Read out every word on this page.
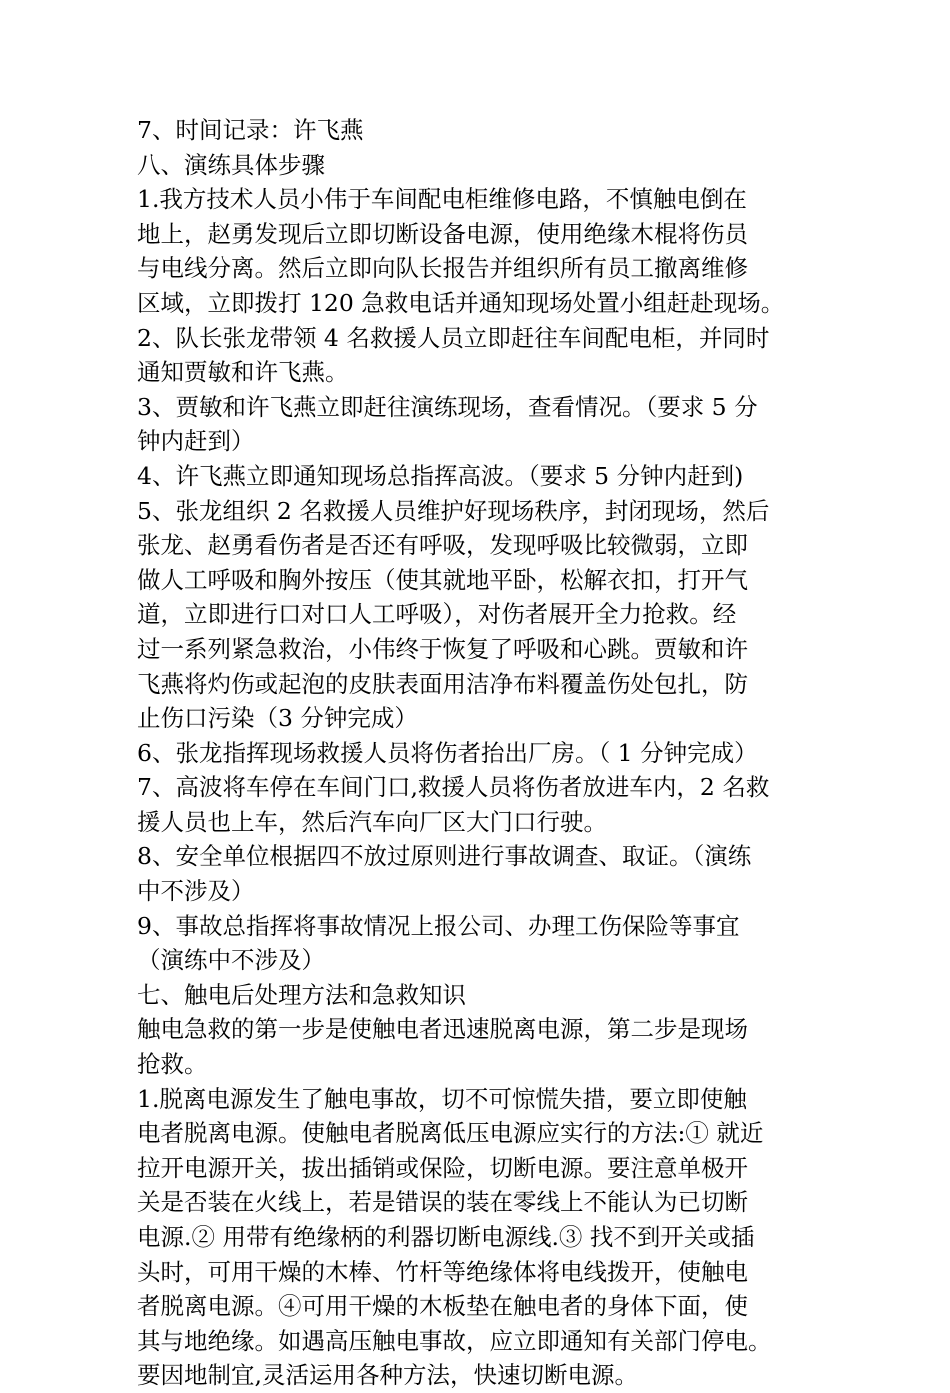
7、时间记录：许飞燕
八、演练具体步骤
1.我方技术人员小伟于车间配电柜维修电路，不慎触电倒在
地上，赵勇发现后立即切断设备电源，使用绝缘木棍将伤员
与电线分离。然后立即向队长报告并组织所有员工撤离维修
区域，立即拨打 120 急救电话并通知现场处置小组赶赴现场。
2、队长张龙带领 4 名救援人员立即赶往车间配电柜，并同时
通知贾敏和许飞燕。
3、贾敏和许飞燕立即赶往演练现场，查看情况。（要求 5 分
钟内赶到）
4、许飞燕立即通知现场总指挥高波。（要求 5 分钟内赶到)
5、张龙组织 2 名救援人员维护好现场秩序，封闭现场，然后
张龙、赵勇看伤者是否还有呼吸，发现呼吸比较微弱，立即
做人工呼吸和胸外按压（使其就地平卧，松解衣扣，打开气
道，立即进行口对口人工呼吸），对伤者展开全力抢救。经
过一系列紧急救治，小伟终于恢复了呼吸和心跳。贾敏和许
飞燕将灼伤或起泡的皮肤表面用洁净布料覆盖伤处包扎，防
止伤口污染（3 分钟完成）
6、张龙指挥现场救援人员将伤者抬出厂房。（ 1 分钟完成）
7、高波将车停在车间门口,救援人员将伤者放进车内，2 名救
援人员也上车，然后汽车向厂区大门口行驶。
8、安全单位根据四不放过原则进行事故调查、取证。（演练
中不涉及）
9、事故总指挥将事故情况上报公司、办理工伤保险等事宜
（演练中不涉及）
七、触电后处理方法和急救知识
触电急救的第一步是使触电者迅速脱离电源，第二步是现场
抢救。
1.脱离电源发生了触电事故，切不可惊慌失措，要立即使触
电者脱离电源。使触电者脱离低压电源应实行的方法:① 就近
拉开电源开关，拔出插销或保险，切断电源。要注意单极开
关是否装在火线上，若是错误的装在零线上不能认为已切断
电源.② 用带有绝缘柄的利器切断电源线.③ 找不到开关或插
头时，可用干燥的木棒、竹杆等绝缘体将电线拨开，使触电
者脱离电源。④可用干燥的木板垫在触电者的身体下面，使
其与地绝缘。如遇高压触电事故，应立即通知有关部门停电。
要因地制宜,灵活运用各种方法，快速切断电源。
